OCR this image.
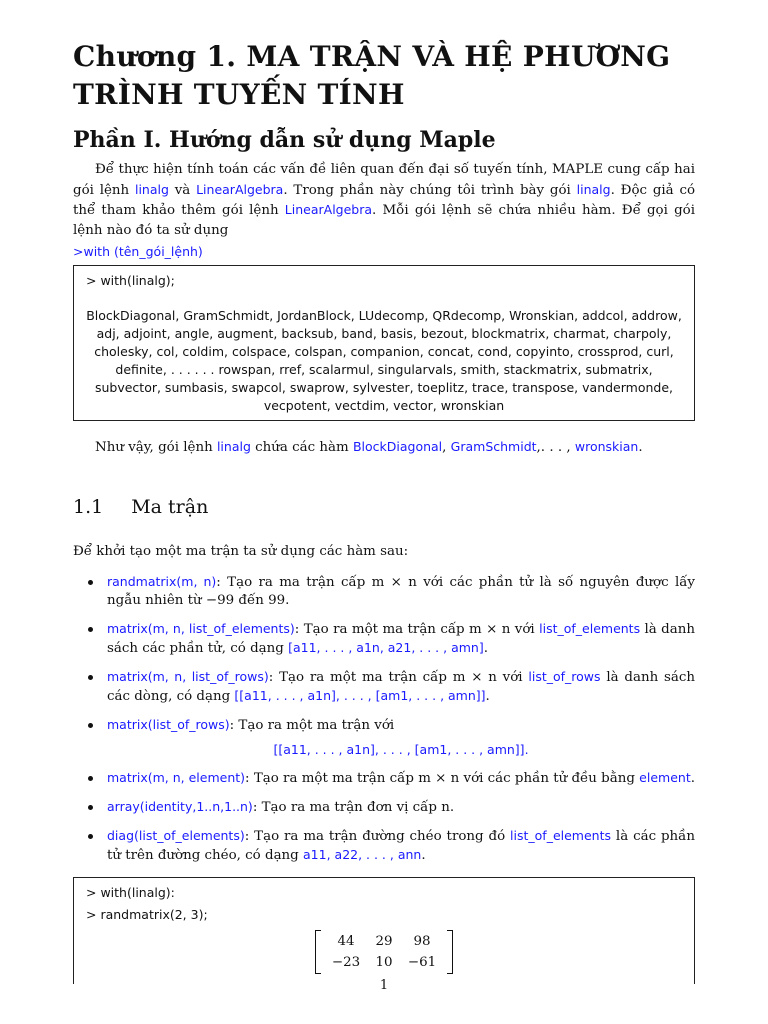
Chương 1. MA TRẬN VÀ HỆ PHƯƠNG TRÌNH TUYẾN TÍNH
Phần I. Hướng dẫn sử dụng Maple

Để thực hiện tính toán các vấn đề liên quan đến đại số tuyến tính, MAPLE cung cấp hai gói lệnh linalg và LinearAlgebra. Trong phần này chúng tôi trình bày gói linalg. Độc giả có thể tham khảo thêm gói lệnh LinearAlgebra. Mỗi gói lệnh sẽ chứa nhiều hàm. Để gọi gói lệnh nào đó ta sử dụng

>with (tên_gói_lệnh)
> with(linalg);
BlockDiagonal, GramSchmidt, JordanBlock, LUdecomp, QRdecomp, Wronskian, addcol, addrow, adj, adjoint, angle, augment, backsub, band, basis, bezout, blockmatrix, charmat, charpoly, cholesky, col, coldim, colspace, colspan, companion, concat, cond, copyinto, crossprod, curl, definite, . . . . . . rowspan, rref, scalarmul, singularvals, smith, stackmatrix, submatrix, subvector, sumbasis, swapcol, swaprow, sylvester, toeplitz, trace, transpose, vandermonde, vecpotent, vectdim, vector, wronskian

Như vậy, gói lệnh linalg chứa các hàm BlockDiagonal, GramSchmidt,. . . , wronskian.

1.1 Ma trận

Để khởi tạo một ma trận ta sử dụng các hàm sau:

randmatrix(m, n): Tạo ra ma trận cấp m × n với các phần tử là số nguyên được lấy ngẫu nhiên từ −99 đến 99.
matrix(m, n, list_of_elements): Tạo ra một ma trận cấp m × n với list_of_elements là danh sách các phần tử, có dạng [a11, . . . , a1n, a21, . . . , amn].
matrix(m, n, list_of_rows): Tạo ra một ma trận cấp m × n với list_of_rows là danh sách các dòng, có dạng [[a11, . . . , a1n], . . . , [am1, . . . , amn]].
matrix(list_of_rows): Tạo ra một ma trận với
[[a11, . . . , a1n], . . . , [am1, . . . , amn]].
matrix(m, n, element): Tạo ra một ma trận cấp m × n với các phần tử đều bằng element.
array(identity,1..n,1..n): Tạo ra ma trận đơn vị cấp n.
diag(list_of_elements): Tạo ra ma trận đường chéo trong đó list_of_elements là các phần tử trên đường chéo, có dạng a11, a22, . . . , ann.
> with(linalg):
> randmatrix(2, 3);
44	29	98
−23	10	−61
1
